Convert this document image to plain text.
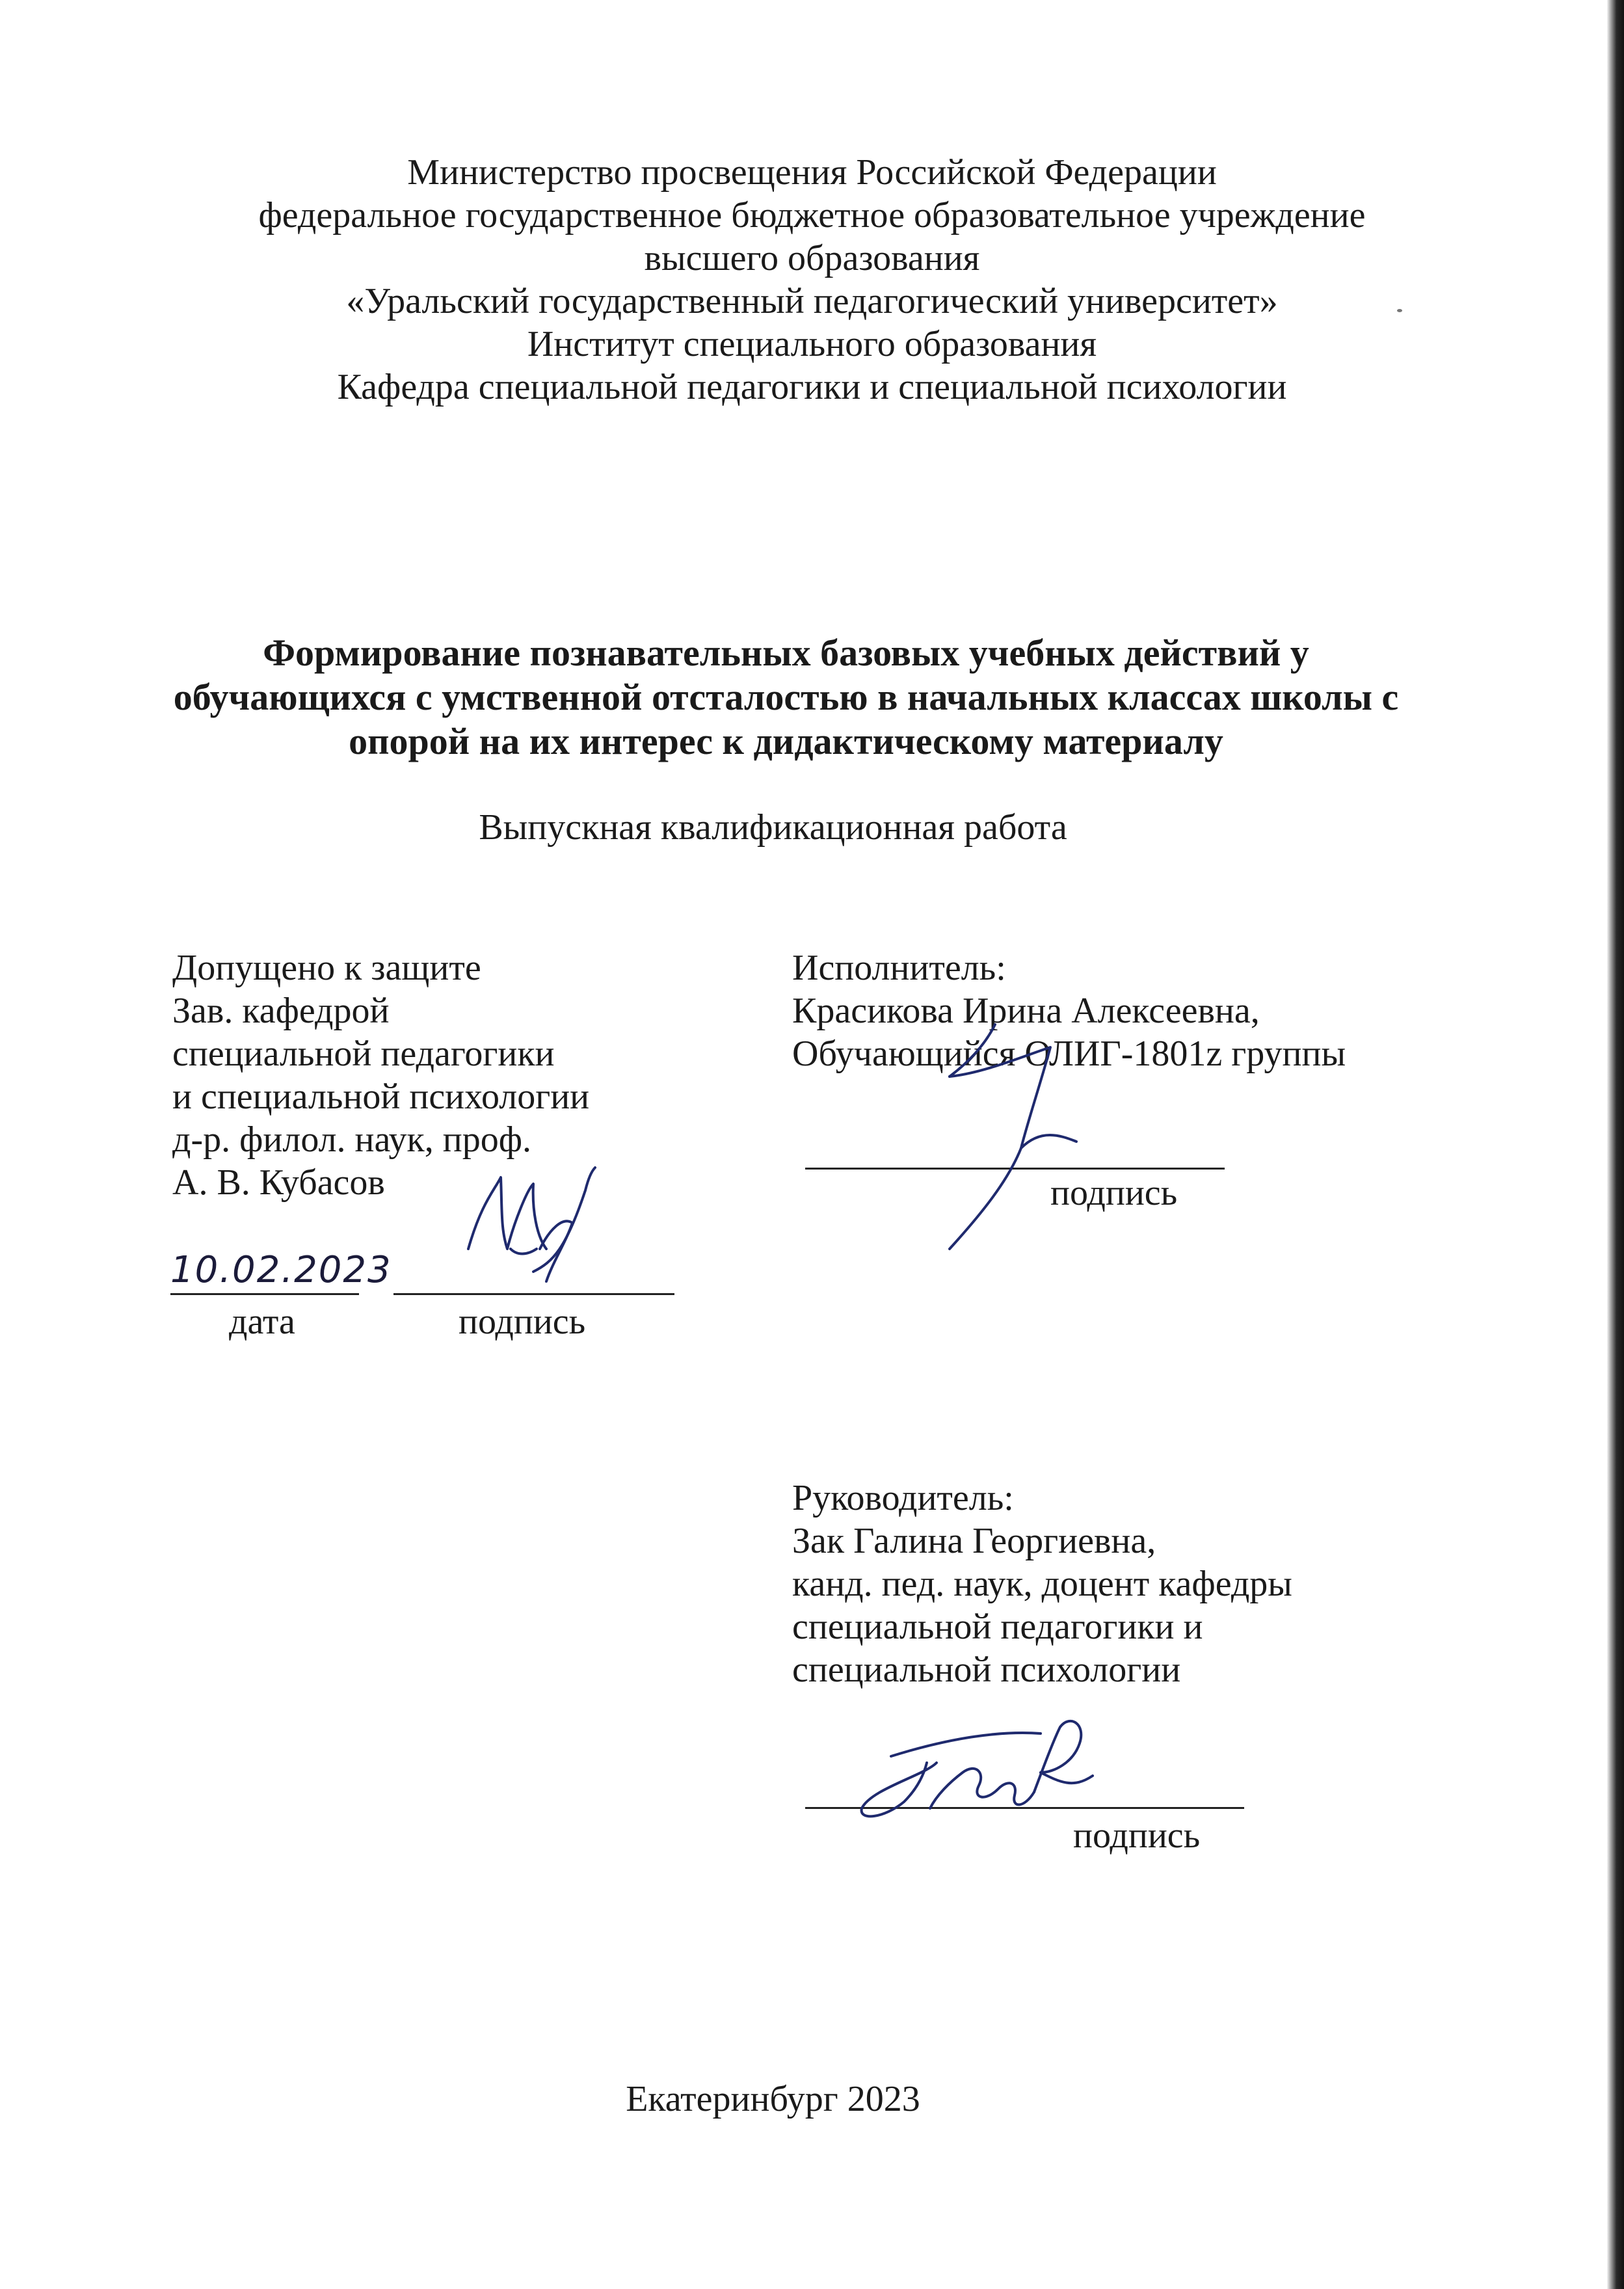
Министерство просвещения Российской Федерации
федеральное государственное бюджетное образовательное учреждение
высшего образования
«Уральский государственный педагогический университет»
Институт специального образования
Кафедра специальной педагогики и специальной психологии
Формирование познавательных базовых учебных действий у
обучающихся с умственной отсталостью в начальных классах школы с
опорой на их интерес к дидактическому материалу
Выпускная квалификационная работа
Допущено к защите
Зав. кафедрой
специальной педагогики
и специальной психологии
д-р. филол. наук, проф.
А. В. Кубасов
10.02.2023
дата	подпись
Исполнитель:
Красикова Ирина Алексеевна,
Обучающийся ОЛИГ-1801z группы
подпись
Руководитель:
Зак Галина Георгиевна,
канд. пед. наук, доцент кафедры
специальной педагогики и
специальной психологии
подпись
Екатеринбург 2023
